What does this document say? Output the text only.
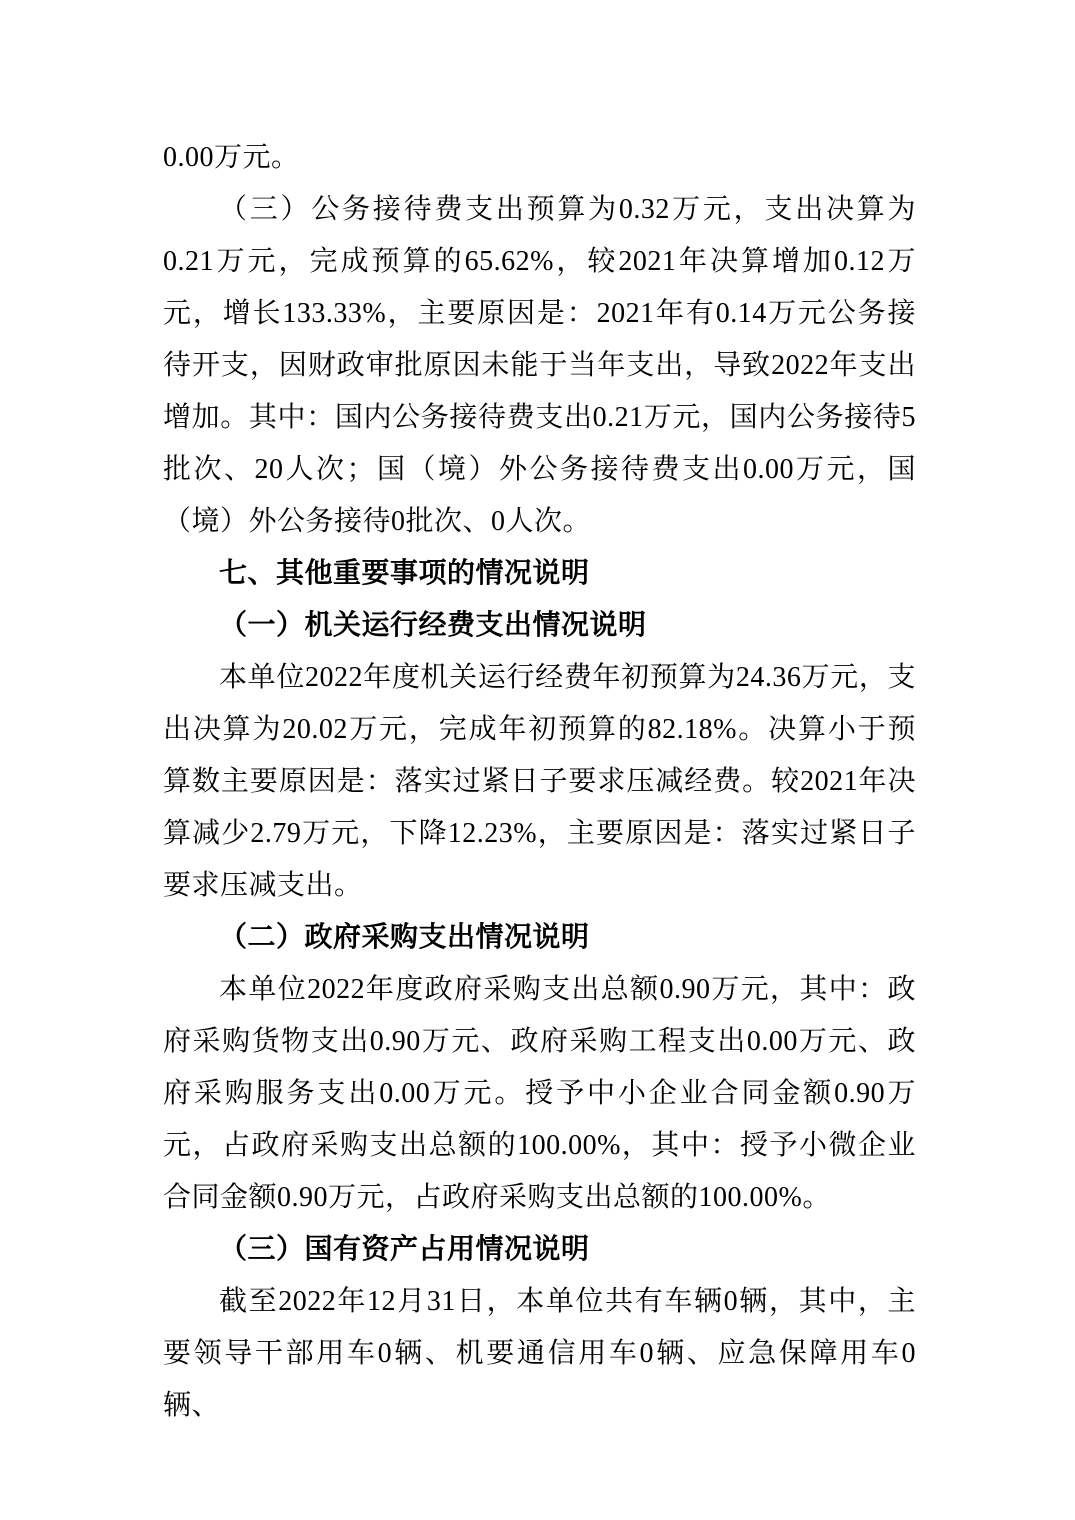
0.00万元。

（三）公务接待费支出预算为0.32万元，支出决算为0.21万元，完成预算的65.62%，较2021年决算增加0.12万元，增长133.33%，主要原因是：2021年有0.14万元公务接待开支，因财政审批原因未能于当年支出，导致2022年支出增加。其中：国内公务接待费支出0.21万元，国内公务接待5批次、20人次；国（境）外公务接待费支出0.00万元，国（境）外公务接待0批次、0人次。

七、其他重要事项的情况说明

（一）机关运行经费支出情况说明

本单位2022年度机关运行经费年初预算为24.36万元，支出决算为20.02万元，完成年初预算的82.18%。决算小于预算数主要原因是：落实过紧日子要求压减经费。较2021年决算减少2.79万元，下降12.23%，主要原因是：落实过紧日子要求压减支出。

（二）政府采购支出情况说明

本单位2022年度政府采购支出总额0.90万元，其中：政府采购货物支出0.90万元、政府采购工程支出0.00万元、政府采购服务支出0.00万元。授予中小企业合同金额0.90万元，占政府采购支出总额的100.00%，其中：授予小微企业合同金额0.90万元，占政府采购支出总额的100.00%。

（三）国有资产占用情况说明

截至2022年12月31日，本单位共有车辆0辆，其中，主要领导干部用车0辆、机要通信用车0辆、应急保障用车0辆、
